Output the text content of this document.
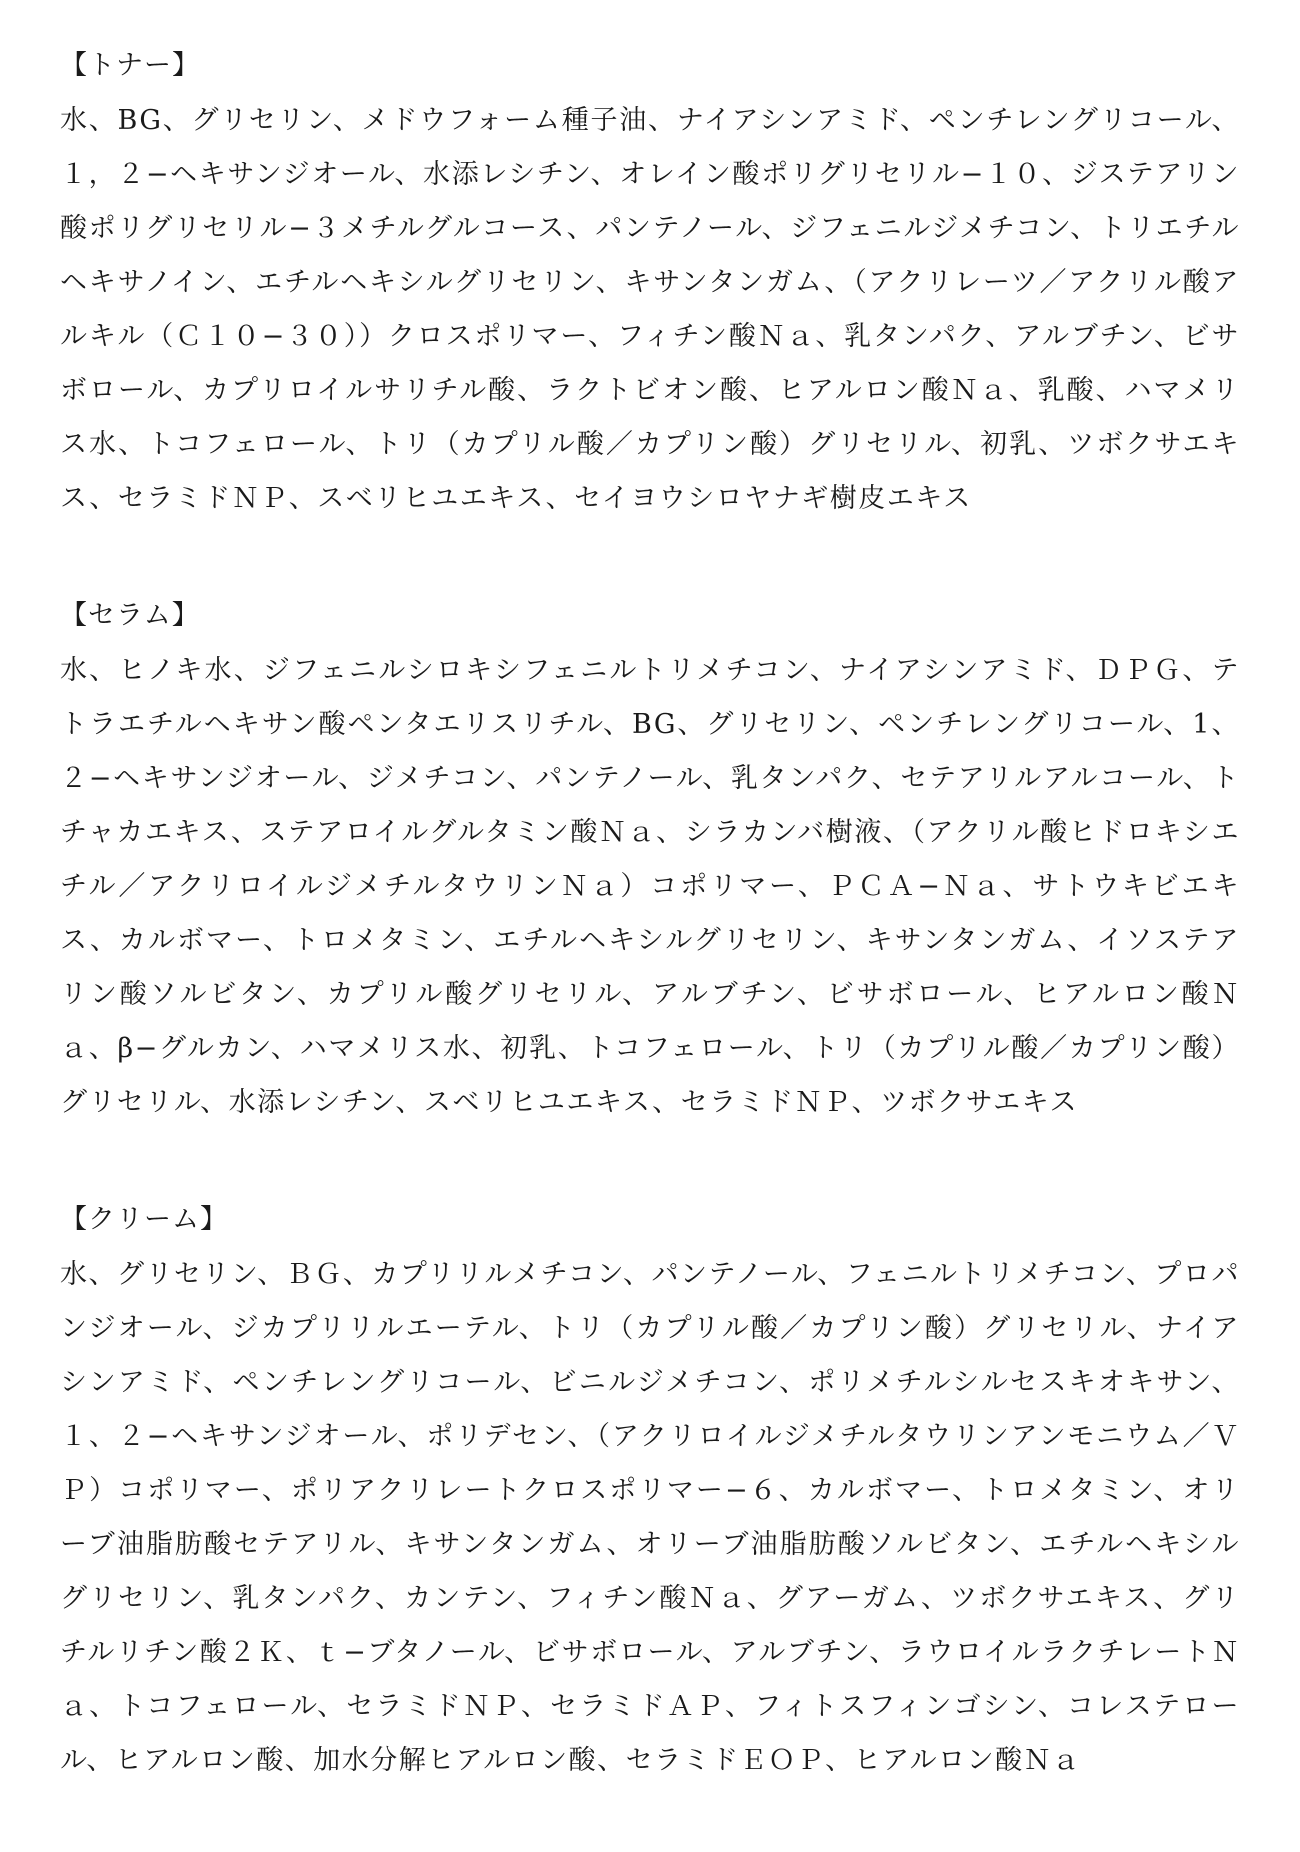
【トナー】

水、BG、グリセリン、メドウフォーム種子油、ナイアシンアミド、ペンチレングリコール、１，２−ヘキサンジオール、水添レシチン、オレイン酸ポリグリセリル−１０、ジステアリン酸ポリグリセリル−３メチルグルコース、パンテノール、ジフェニルジメチコン、トリエチルヘキサノイン、エチルヘキシルグリセリン、キサンタンガム、（アクリレーツ／アクリル酸アルキル（Ｃ１０−３０））クロスポリマー、フィチン酸Ｎａ、乳タンパク、アルブチン、ビサボロール、カプリロイルサリチル酸、ラクトビオン酸、ヒアルロン酸Ｎａ、乳酸、ハマメリス水、トコフェロール、トリ（カプリル酸／カプリン酸）グリセリル、初乳、ツボクサエキス、セラミドＮＰ、スベリヒユエキス、セイヨウシロヤナギ樹皮エキス

【セラム】

水、ヒノキ水、ジフェニルシロキシフェニルトリメチコン、ナイアシンアミド、ＤＰＧ、テトラエチルヘキサン酸ペンタエリスリチル、BG、グリセリン、ペンチレングリコール、1、２−ヘキサンジオール、ジメチコン、パンテノール、乳タンパク、セテアリルアルコール、トチャカエキス、ステアロイルグルタミン酸Ｎａ、シラカンバ樹液、（アクリル酸ヒドロキシエチル／アクリロイルジメチルタウリンＮａ）コポリマー、ＰＣＡ−Ｎａ、サトウキビエキス、カルボマー、トロメタミン、エチルヘキシルグリセリン、キサンタンガム、イソステアリン酸ソルビタン、カプリル酸グリセリル、アルブチン、ビサボロール、ヒアルロン酸Ｎａ、β−グルカン、ハマメリス水、初乳、トコフェロール、トリ（カプリル酸／カプリン酸）グリセリル、水添レシチン、スベリヒユエキス、セラミドＮＰ、ツボクサエキス

【クリーム】

水、グリセリン、ＢＧ、カプリリルメチコン、パンテノール、フェニルトリメチコン、プロパンジオール、ジカプリリルエーテル、トリ（カプリル酸／カプリン酸）グリセリル、ナイアシンアミド、ペンチレングリコール、ビニルジメチコン、ポリメチルシルセスキオキサン、１、２−ヘキサンジオール、ポリデセン、（アクリロイルジメチルタウリンアンモニウム／ＶＰ）コポリマー、ポリアクリレートクロスポリマー−６、カルボマー、トロメタミン、オリーブ油脂肪酸セテアリル、キサンタンガム、オリーブ油脂肪酸ソルビタン、エチルヘキシルグリセリン、乳タンパク、カンテン、フィチン酸Ｎａ、グアーガム、ツボクサエキス、グリチルリチン酸２Ｋ、ｔ−ブタノール、ビサボロール、アルブチン、ラウロイルラクチレートＮａ、トコフェロール、セラミドＮＰ、セラミドＡＰ、フィトスフィンゴシン、コレステロール、ヒアルロン酸、加水分解ヒアルロン酸、セラミドＥＯＰ、ヒアルロン酸Ｎａ
